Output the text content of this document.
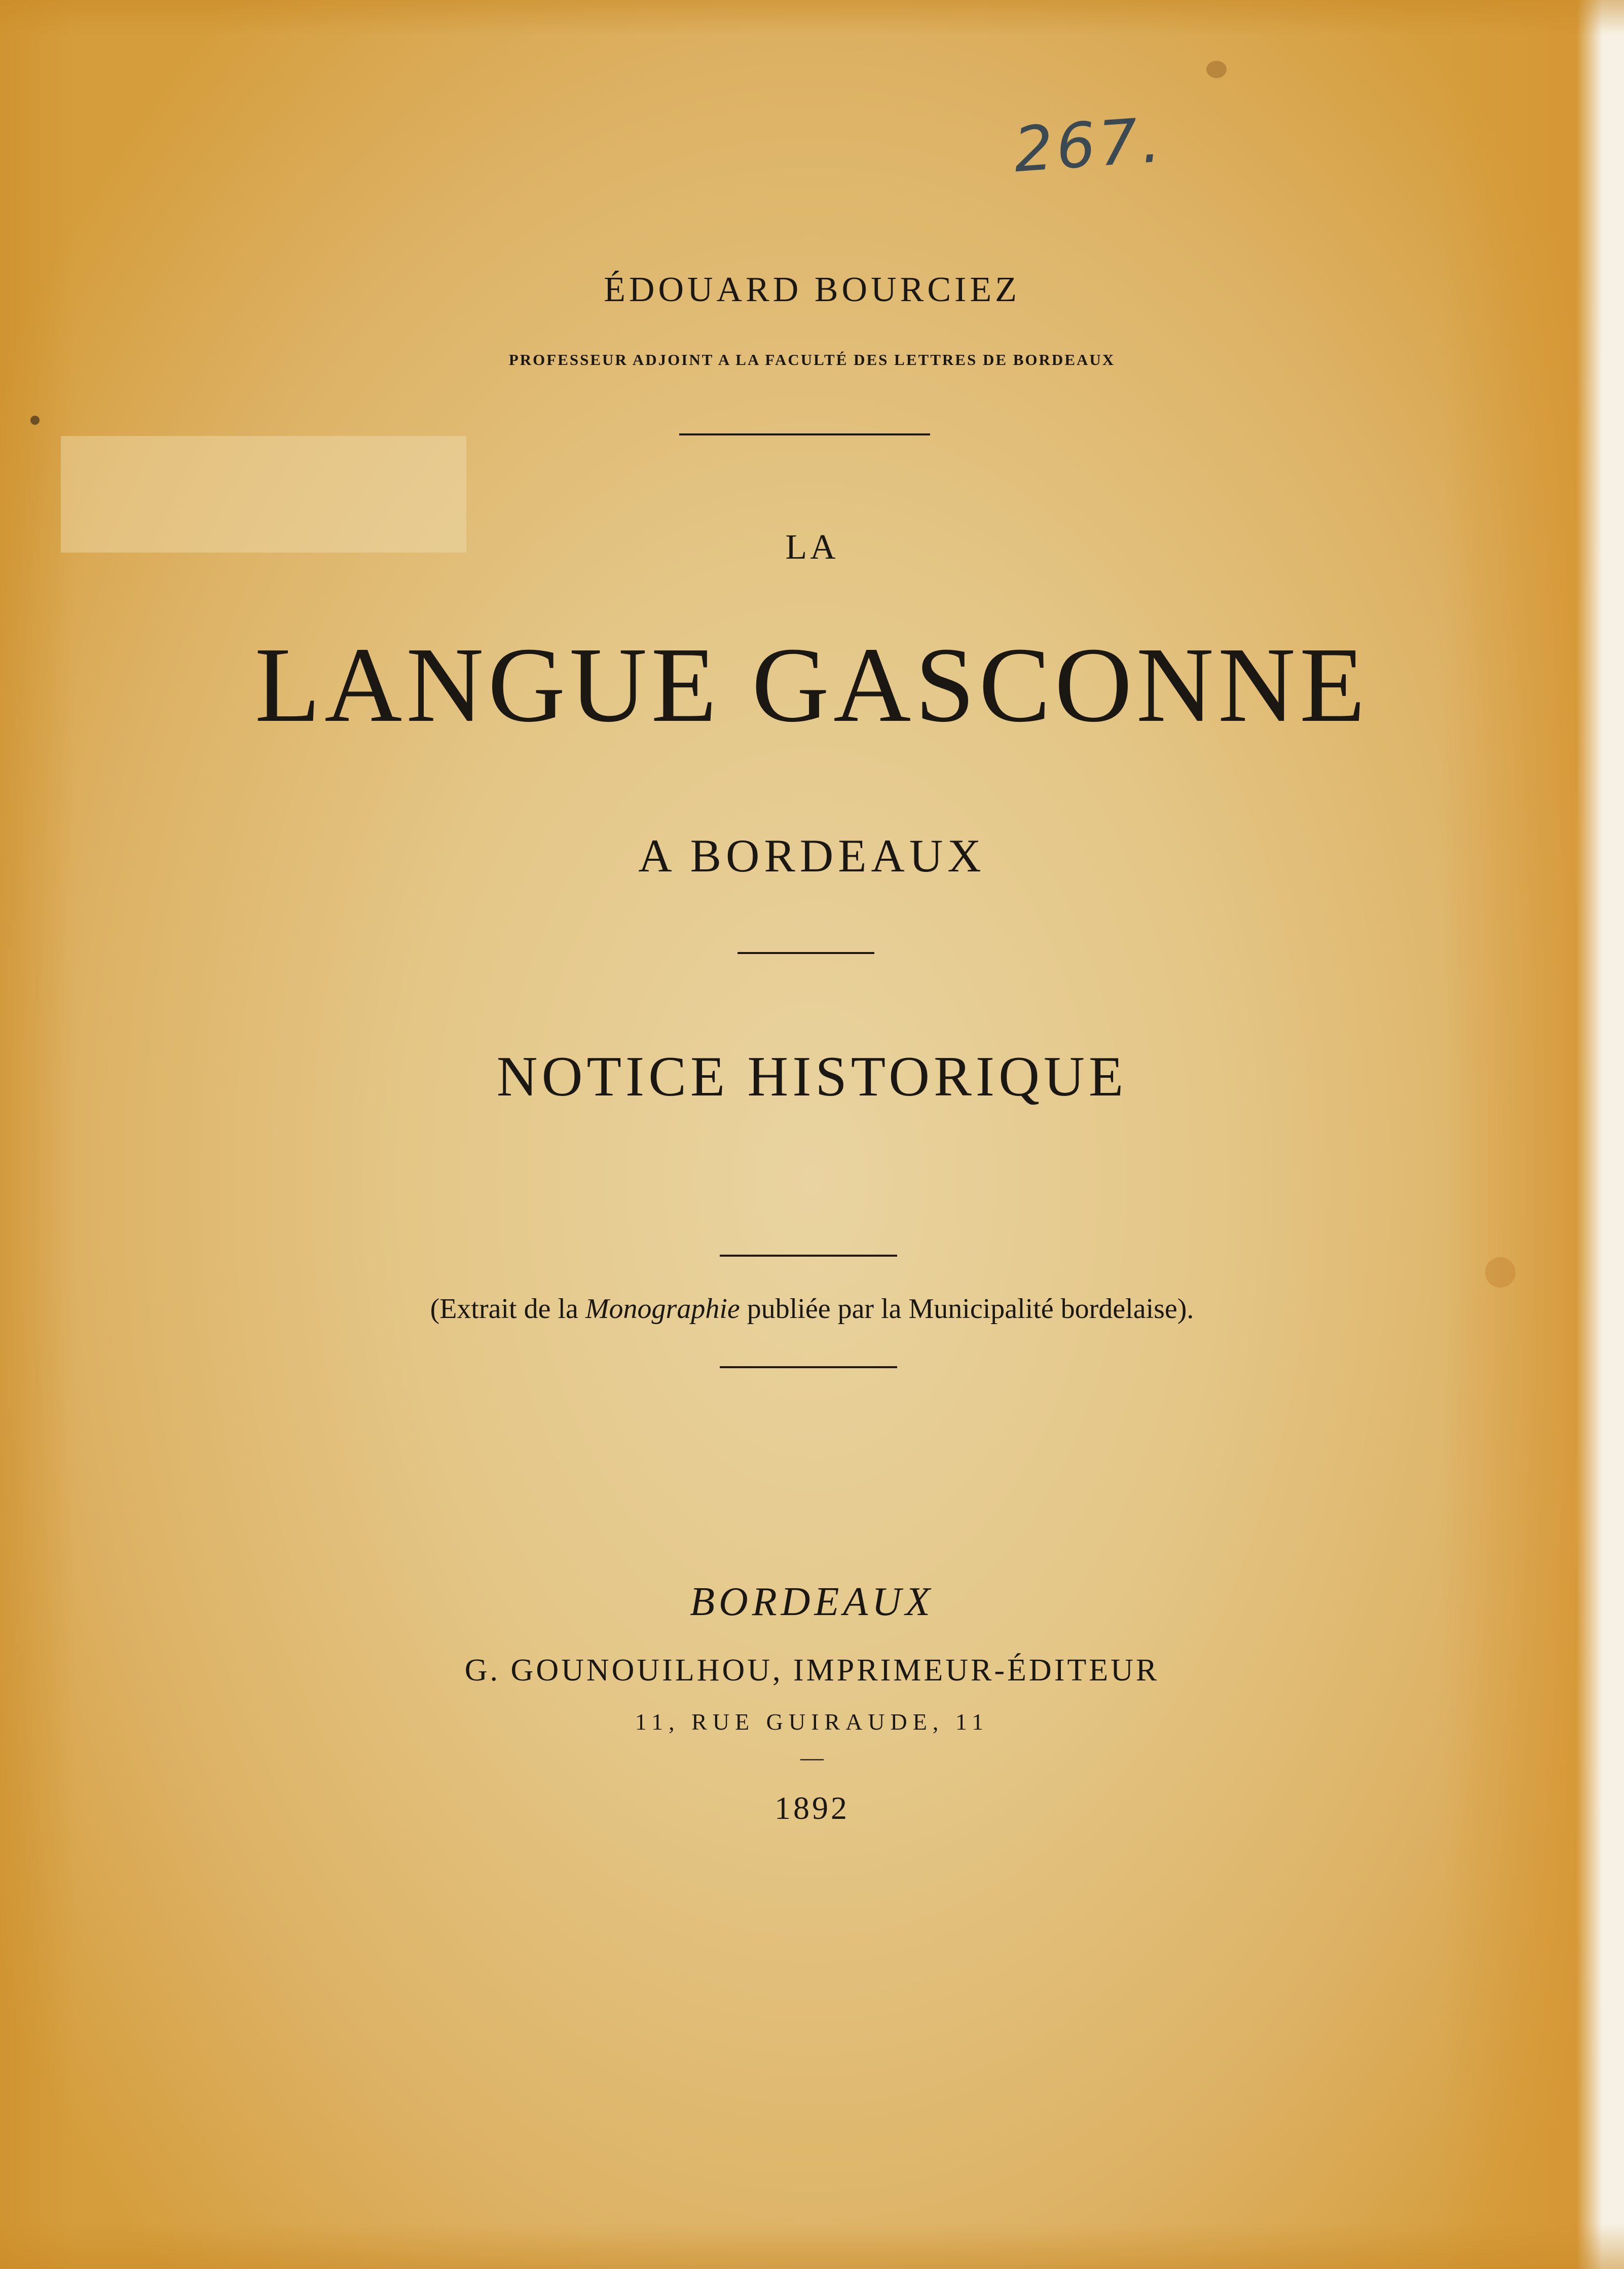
267.
ÉDOUARD BOURCIEZ
PROFESSEUR ADJOINT A LA FACULTÉ DES LETTRES DE BORDEAUX
LA
LANGUE GASCONNE
A BORDEAUX
NOTICE HISTORIQUE
(Extrait de la Monographie publiée par la Municipalité bordelaise).
BORDEAUX
G. GOUNOUILHOU, IMPRIMEUR-ÉDITEUR
11, RUE GUIRAUDE, 11
—
1892
